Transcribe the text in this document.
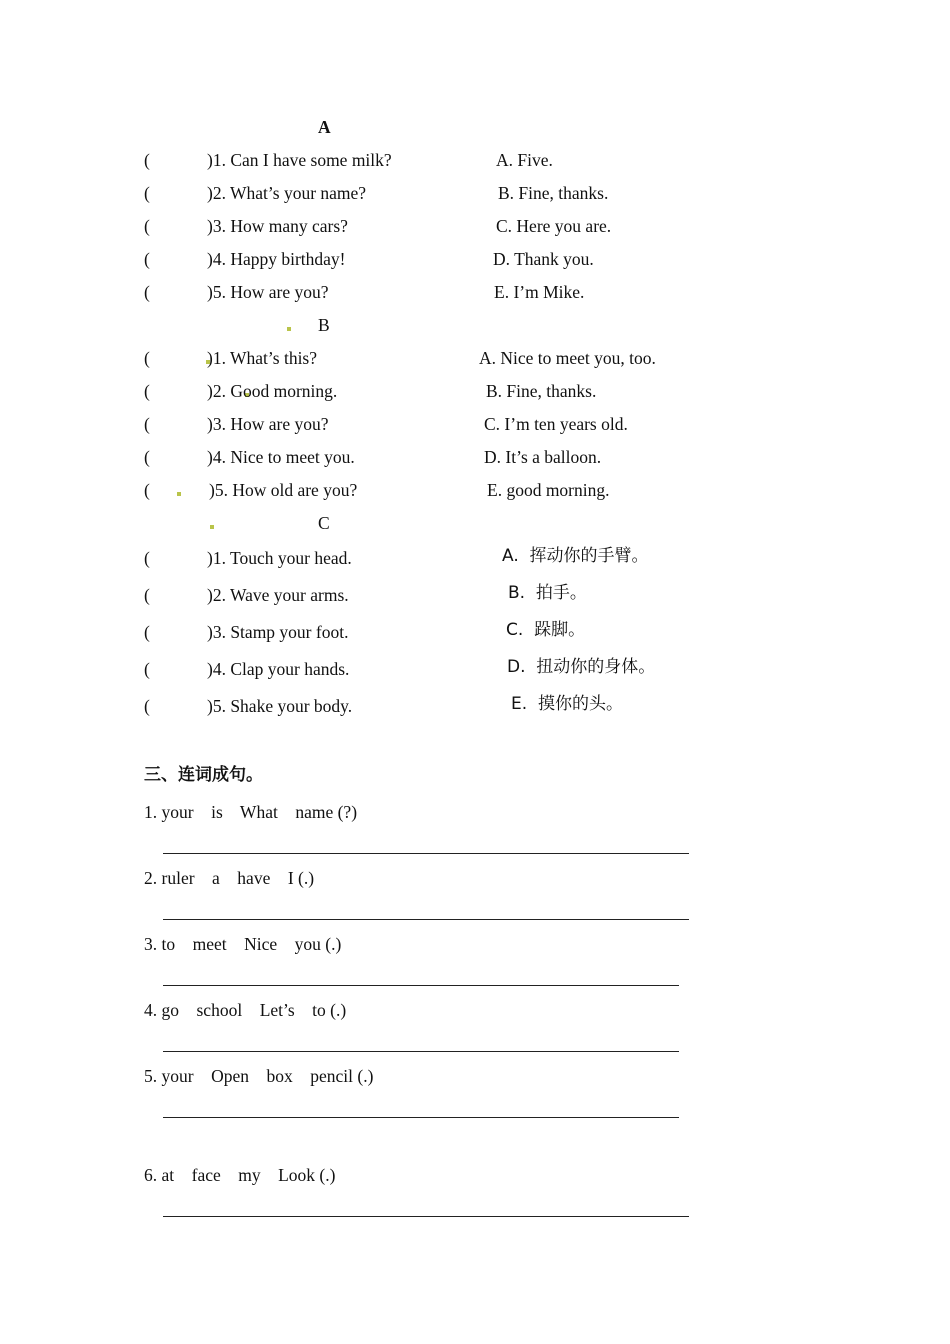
A
(	)1. Can I have some milk?	A. Five.
(	)2. What’s your name?	B. Fine, thanks.
(	)3. How many cars?	C. Here you are.
(	)4. Happy birthday!	D. Thank you.
(	)5. How are you?	E. I’m Mike.
B
(	)1. What’s this?	A. Nice to meet you, too.
(	)2. Good morning.	B. Fine, thanks.
(	)3. How are you?	C. I’m ten years old.
(	)4. Nice to meet you.	D. It’s a balloon.
(	)5. How old are you?	E. good morning.
C
(	)1. Touch your head.	A.  挥动你的手臂。
(	)2. Wave your arms.	B.  拍手。
(	)3. Stamp your foot.	C.  跺脚。
(	)4. Clap your hands.	D.  扭动你的身体。
(	)5. Shake your body.	E.  摸你的头。
三、连词成句。
1. your    is    What    name (?)
2. ruler    a    have    I (.)
3. to    meet    Nice    you (.)
4. go    school    Let’s    to (.)
5. your    Open    box    pencil (.)
6. at    face    my    Look (.)
